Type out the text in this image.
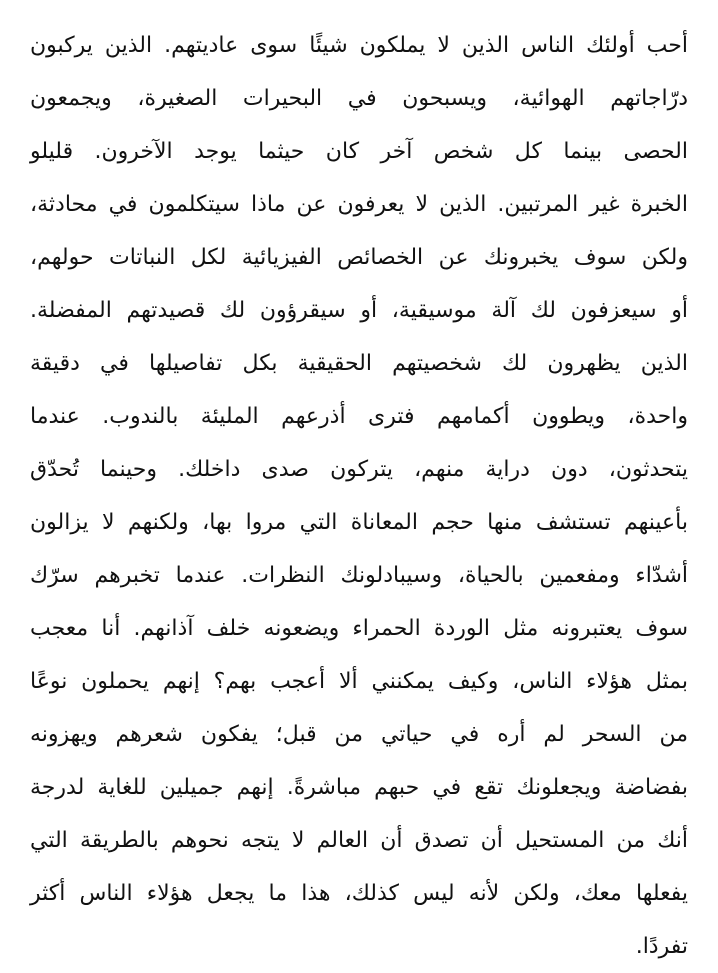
أحب أولئك الناس الذين لا يملكون شيئًا سوى عاديتهم. الذين يركبون
درّاجاتهم الهوائية، ويسبحون في البحيرات الصغيرة، ويجمعون
الحصى بينما كل شخص آخر كان حيثما يوجد الآخرون. قليلو
الخبرة غير المرتبين. الذين لا يعرفون عن ماذا سيتكلمون في محادثة،
ولكن سوف يخبرونك عن الخصائص الفيزيائية لكل النباتات حولهم،
أو سيعزفون لك آلة موسيقية، أو سيقرؤون لك قصيدتهم المفضلة.
الذين يظهرون لك شخصيتهم الحقيقية بكل تفاصيلها في دقيقة
واحدة، ويطوون أكمامهم فترى أذرعهم المليئة بالندوب. عندما
يتحدثون، دون دراية منهم، يتركون صدى داخلك. وحينما تُحدّق
بأعينهم تستشف منها حجم المعاناة التي مروا بها، ولكنهم لا يزالون
أشدّاء ومفعمين بالحياة، وسيبادلونك النظرات. عندما تخبرهم سرّك
سوف يعتبرونه مثل الوردة الحمراء ويضعونه خلف آذانهم. أنا معجب
بمثل هؤلاء الناس، وكيف يمكنني ألا أعجب بهم؟ إنهم يحملون نوعًا
من السحر لم أره في حياتي من قبل؛ يفكون شعرهم ويهزونه
بفضاضة ويجعلونك تقع في حبهم مباشرةً. إنهم جميلين للغاية لدرجة
أنك من المستحيل أن تصدق أن العالم لا يتجه نحوهم بالطريقة التي
يفعلها معك، ولكن لأنه ليس كذلك، هذا ما يجعل هؤلاء الناس أكثر
تفردًا.
